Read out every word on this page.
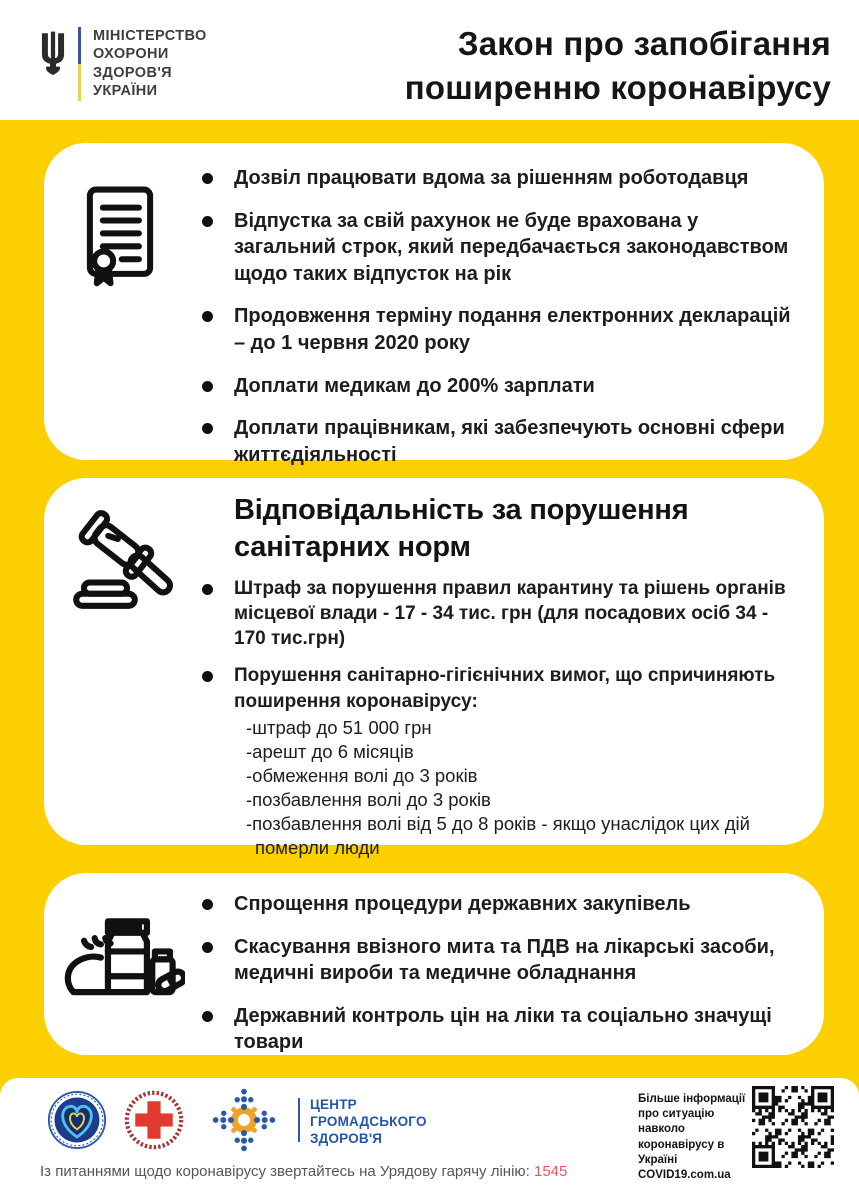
МІНІСТЕРСТВО
ОХОРОНИ
ЗДОРОВ'Я
УКРАЇНИ
Закон про запобігання
поширенню коронавірусу
Дозвіл працювати вдома за рішенням роботодавця
Відпустка за свій рахунок не буде врахована у загальний строк, який передбачається законодавством щодо таких відпусток на рік
Продовження терміну подання електронних декларацій – до 1 червня 2020 року
Доплати медикам до 200% зарплати
Доплати працівникам, які забезпечують основні сфери життєдіяльності
Відповідальність за порушення санітарних норм
Штраф за порушення правил карантину та рішень органів місцевої влади - 17 - 34 тис. грн (для посадових осіб 34 - 170 тис.грн)
Порушення санітарно-гігієнічних вимог, що спричиняють поширення коронавірусу:
-штраф до 51 000 грн
-арешт до 6 місяців
-обмеження волі до 3 років
-позбавлення волі до 3 років
-позбавлення волі від 5 до 8 років - якщо унаслідок цих дій померли люди
Спрощення процедури державних закупівель
Скасування ввізного мита та ПДВ на лікарські засоби, медичні вироби та медичне обладнання
Державний контроль цін на ліки та соціально значущі товари
ЦЕНТР
ГРОМАДСЬКОГО
ЗДОРОВ'Я
Більше інформації про ситуацію навколо коронавірусу в Україні
COVID19.com.ua
Із питаннями щодо коронавірусу звертайтесь на Урядову гарячу лінію: 1545
